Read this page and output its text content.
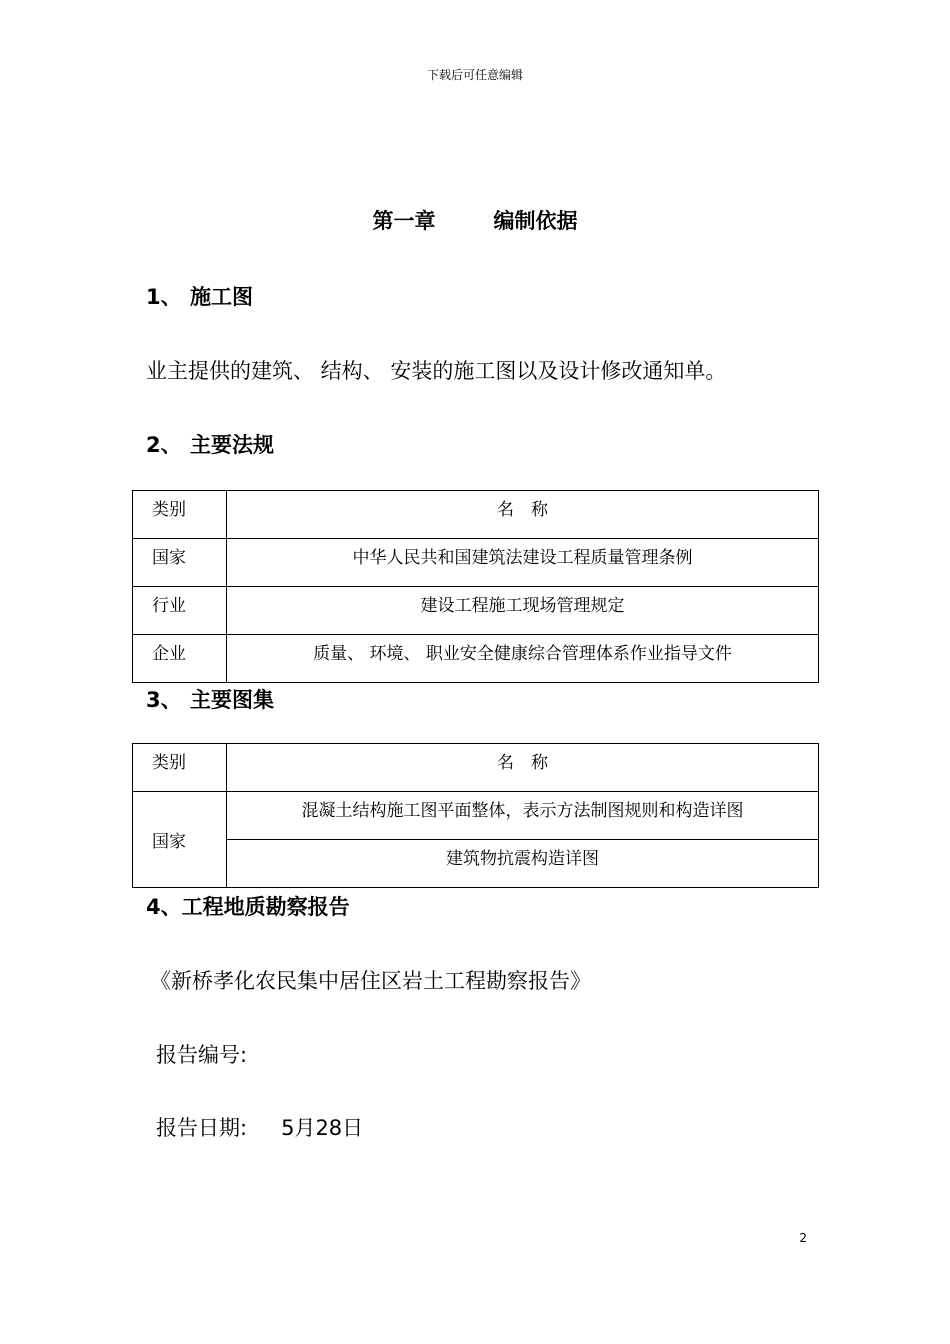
下载后可任意编辑
第一章	编制依据
1、 施工图
业主提供的建筑、 结构、 安装的施工图以及设计修改通知单。
2、 主要法规
类别	名　称
国家	中华人民共和国建筑法建设工程质量管理条例
行业	建设工程施工现场管理规定
企业	质量、 环境、 职业安全健康综合管理体系作业指导文件
3、 主要图集
类别	名　称
国家	混凝土结构施工图平面整体，表示方法制图规则和构造详图
	建筑物抗震构造详图
4、工程地质勘察报告
《新桥孝化农民集中居住区岩土工程勘察报告》
报告编号:
报告日期: 5月28日
2
